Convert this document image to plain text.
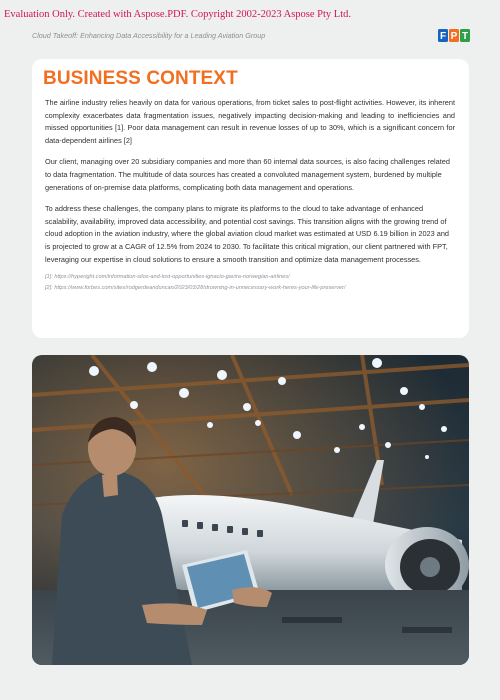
Evaluation Only. Created with Aspose.PDF. Copyright 2002-2023 Aspose Pty Ltd.
Cloud Takeoff: Enhancing Data Accessibility for a Leading Aviation Group	F P T
BUSINESS CONTEXT

The airline industry relies heavily on data for various operations, from ticket sales to post-flight activities. However, its inherent complexity exacerbates data fragmentation issues, negatively impacting decision-making and leading to inefficiencies and missed opportunities [1]. Poor data management can result in revenue losses of up to 30%, which is a significant concern for data-dependent airlines [2]

Our client, managing over 20 subsidiary companies and more than 60 internal data sources, is also facing challenges related to data fragmentation. The multitude of data sources has created a convoluted management system, burdened by multiple generations of on-premise data platforms, complicating both data management and operations.

To address these challenges, the company plans to migrate its platforms to the cloud to take advantage of enhanced scalability, availability, improved data accessibility, and potential cost savings. This transition aligns with the growing trend of cloud adoption in the aviation industry, where the global aviation cloud market was estimated at USD 6.19 billion in 2023 and is projected to grow at a CAGR of 12.5% from 2024 to 2030. To facilitate this critical migration, our client partnered with FPT, leveraging our expertise in cloud solutions to ensure a smooth transition and optimize data management processes.

[1]: https://hyperight.com/information-silos-and-lost-opportunities-ignacio-gavira-norwegian-airlines/
[2]: https://www.forbes.com/sites/rodgerdeanduncan/2023/03/28/drowning-in-unnecessary-work-heres-your-life-preserver/
